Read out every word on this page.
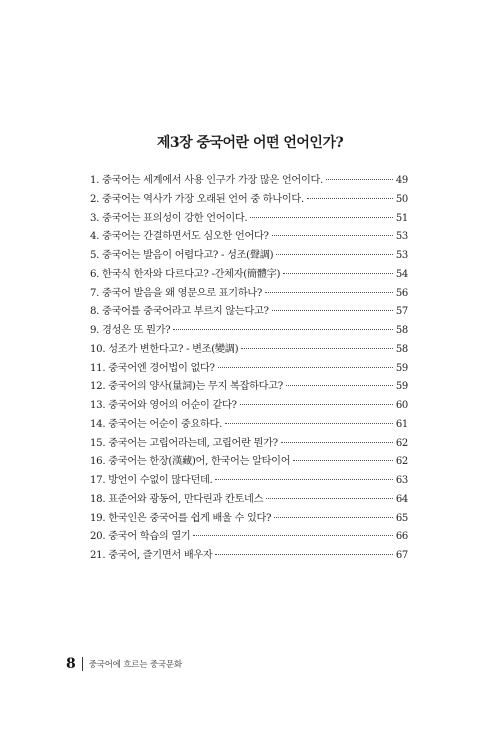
제3장 중국어란 어떤 언어인가?
1. 중국어는 세계에서 사용 인구가 가장 많은 언어이다.	49
2. 중국어는 역사가 가장 오래된 언어 중 하나이다.	50
3. 중국어는 표의성이 강한 언어이다.	51
4. 중국어는 간결하면서도 심오한 언어다?	53
5. 중국어는 발음이 어렵다고? - 성조(聲調)	53
6. 한국식 한자와 다르다고? -간체자(簡體字)	54
7. 중국어 발음을 왜 영문으로 표기하나?	56
8. 중국어를 중국어라고 부르지 않는다고?	57
9. 경성은 또 뭔가?	58
10. 성조가 변한다고? - 변조(變調)	58
11. 중국어엔 경어법이 없다?	59
12. 중국어의 양사(量詞)는 무지 복잡하다고?	59
13. 중국어와 영어의 어순이 같다?	60
14. 중국어는 어순이 중요하다.	61
15. 중국어는 고립어라는데, 고립어란 뭔가?	62
16. 중국어는 한장(漢藏)어, 한국어는 알타이어	62
17. 방언이 수없이 많다던데.	63
18. 표준어와 광동어, 만다린과 칸토네스	64
19. 한국인은 중국어를 쉽게 배울 수 있다?	65
20. 중국어 학습의 열기	66
21. 중국어, 즐기면서 배우자	67
8	중국어에 흐르는 중국문화
